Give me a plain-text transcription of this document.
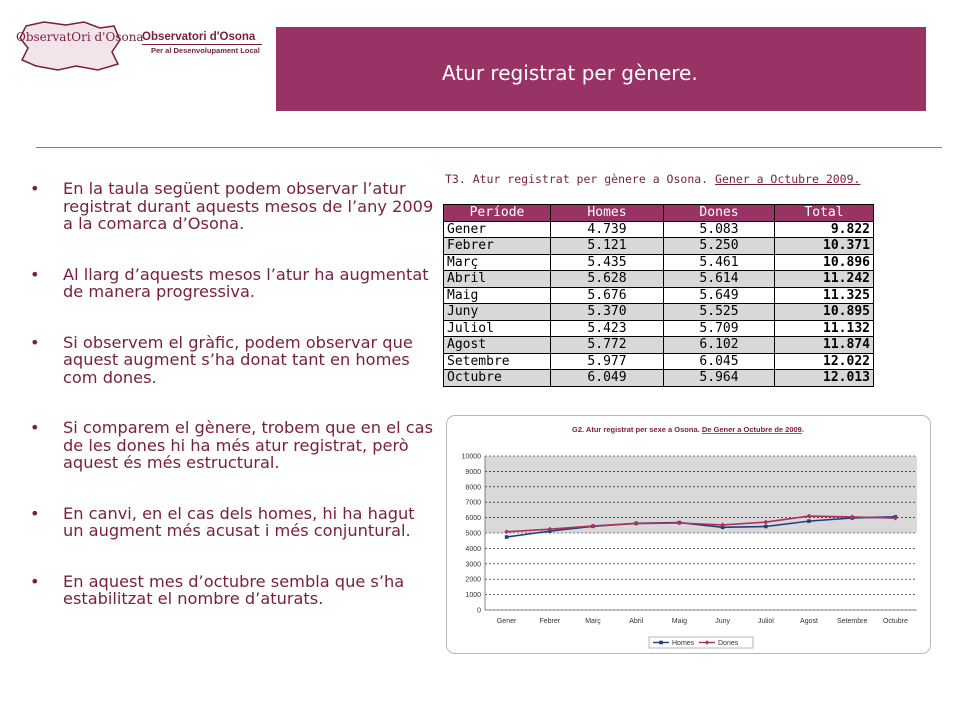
ObservatOri d'Osona
Observatori d'Osona
Per al Desenvolupament Local
Atur registrat per gènere.
• En la taula següent podem observar l’atur registrat durant aquests mesos de l’any 2009 a la comarca d’Osona.
• Al llarg d’aquests mesos l’atur ha augmentat de manera progressiva.
• Si observem el gràfic, podem observar que aquest augment s’ha donat tant en homes com dones.
• Si comparem el gènere, trobem que en el cas de les dones hi ha més atur registrat, però aquest és més estructural.
• En canvi, en el cas dels homes, hi ha hagut un augment més acusat i més conjuntural.
• En aquest mes d’octubre sembla que s’ha estabilitzat el nombre d’aturats.
T3. Atur registrat per gènere a Osona. Gener a Octubre 2009.
Període	Homes	Dones	Total
Gener	4.739	5.083	9.822
Febrer	5.121	5.250	10.371
Març	5.435	5.461	10.896
Abril	5.628	5.614	11.242
Maig	5.676	5.649	11.325
Juny	5.370	5.525	10.895
Juliol	5.423	5.709	11.132
Agost	5.772	6.102	11.874
Setembre	5.977	6.045	12.022
Octubre	6.049	5.964	12.013
G2. Atur registrat per sexe a Osona. De Gener a Octubre de 2009.
0
1000
2000
3000
4000
5000
6000
7000
8000
9000
10000
Gener	Febrer	Març	Abril	Maig	Juny	Juliol	Agost	Setembre Octubre
Homes	Dones
